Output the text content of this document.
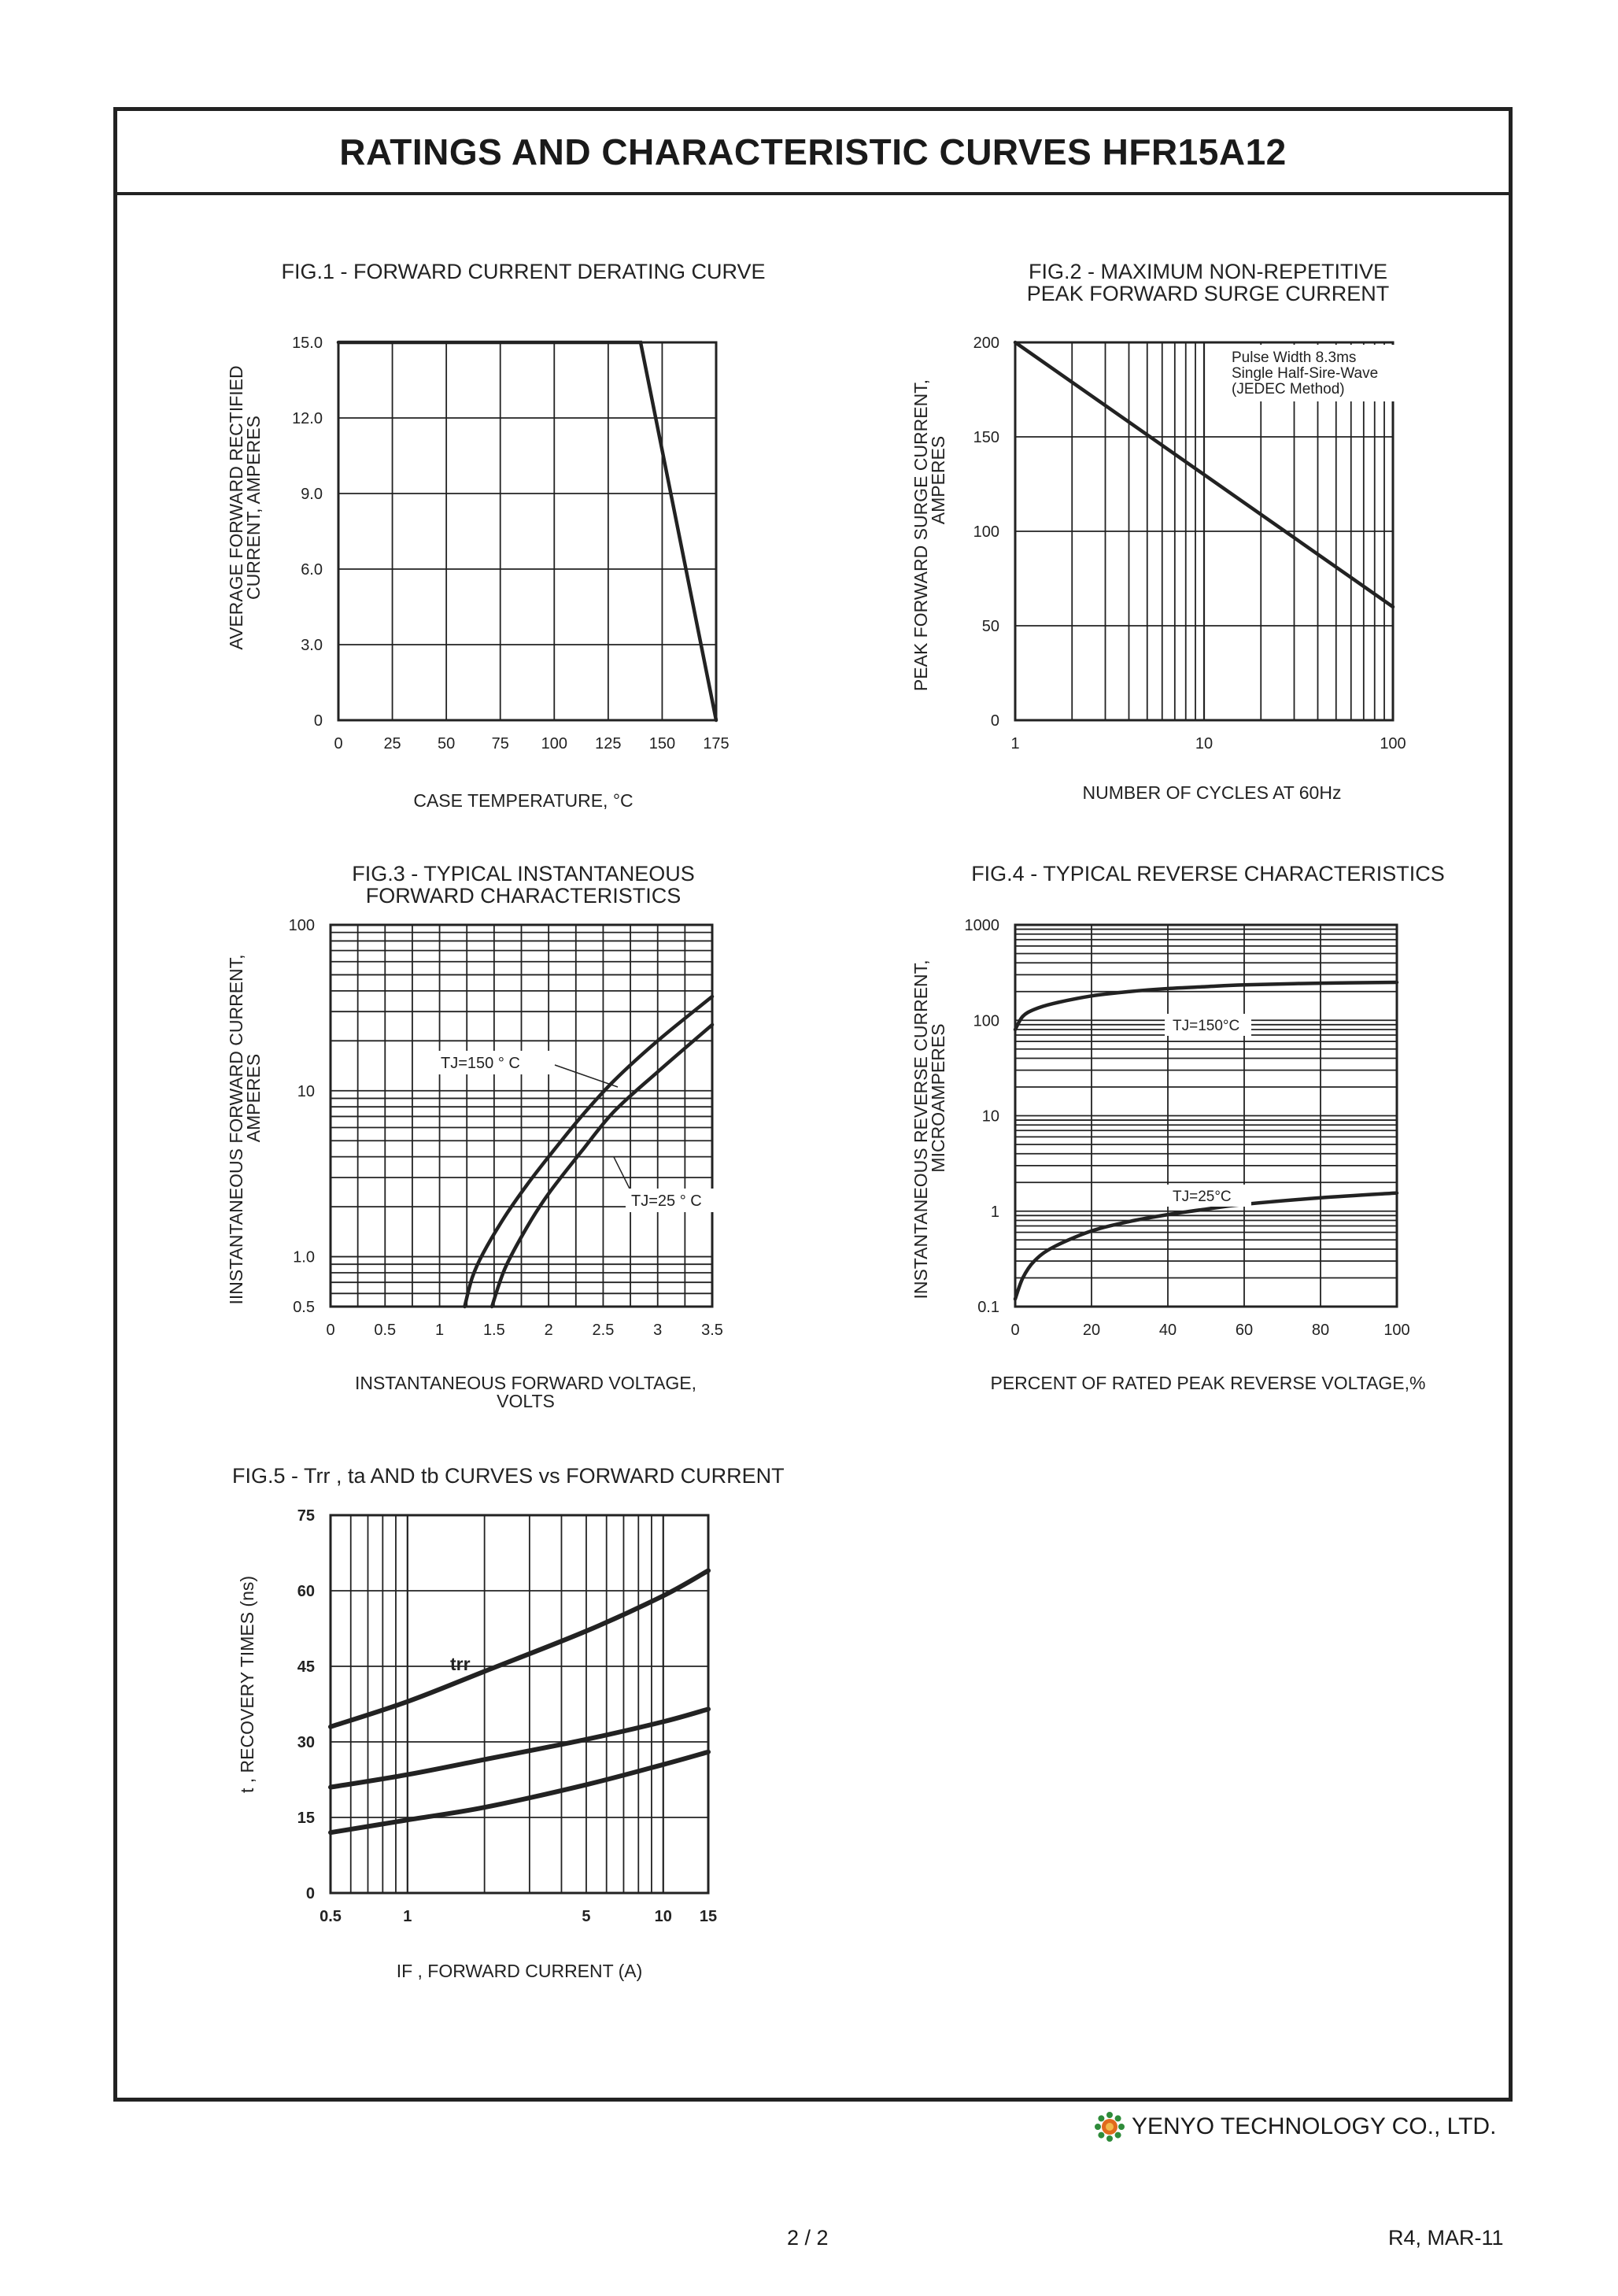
RATINGS AND CHARACTERISTIC CURVES HFR15A12
FIG.1 - FORWARD CURRENT DERATING CURVE
AVERAGE FORWARD RECTIFIED
CURRENT, AMPERES
0	25 50 75 100 125 150 175
0
3.0
6.0
9.0
12.0
15.0
CASE TEMPERATURE, °C
FIG.2 - MAXIMUM NON-REPETITIVE
PEAK FORWARD SURGE CURRENT
PEAK FORWARD SURGE CURRENT,
AMPERES
1	10	100
0
50
100
150
200
Pulse Width 8.3ms
Single Half-Sire-Wave
(JEDEC Method)
NUMBER OF CYCLES AT 60Hz
FIG.3 - TYPICAL INSTANTANEOUS
FORWARD CHARACTERISTICS
IINSTANTANEOUS FORWARD CURRENT,
AMPERES
0 0.5 1 1.5 2 2.5 3 3.5
0.5
1.0
10
100
TJ=150 ° C
TJ=25 ° C
INSTANTANEOUS FORWARD VOLTAGE,
VOLTS
FIG.4 - TYPICAL REVERSE CHARACTERISTICS
INSTANTANEOUS REVERSE CURRENT,
MICROAMPERES
0	20	40	60	80	100
0.1
1
10
100
1000
TJ=150°C
TJ=25°C
PERCENT OF RATED PEAK REVERSE VOLTAGE,%
FIG.5 - Trr , ta AND tb CURVES vs FORWARD CURRENT
t , RECOVERY TIMES (ns)
0.5	1	5	10 15
0
15
30
45
60
75
trr
IF , FORWARD CURRENT (A)
YENYO TECHNOLOGY CO., LTD.
2 / 2	R4, MAR-11
